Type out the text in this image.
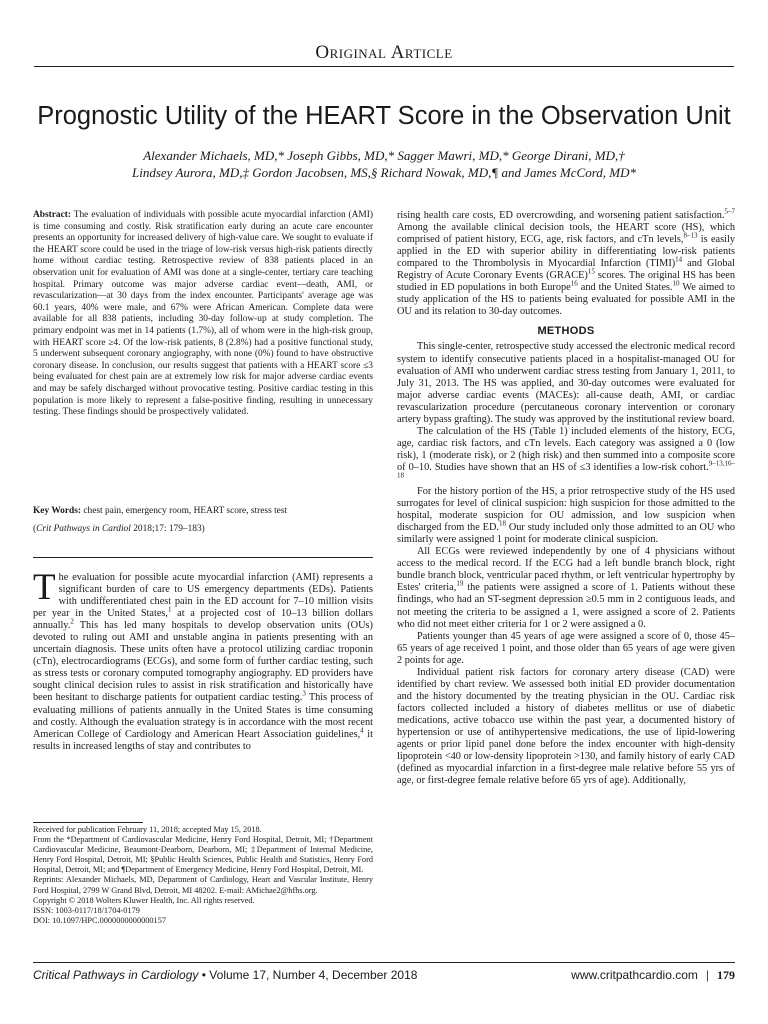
Original Article
Prognostic Utility of the HEART Score in the Observation Unit

Alexander Michaels, MD,* Joseph Gibbs, MD,* Sagger Mawri, MD,* George Dirani, MD,†

Lindsey Aurora, MD,‡ Gordon Jacobsen, MS,§ Richard Nowak, MD,¶ and James McCord, MD*

Abstract: The evaluation of individuals with possible acute myocardial infarction (AMI) is time consuming and costly. Risk stratification early during an acute care encounter presents an opportunity for increased delivery of high-value care. We sought to evaluate if the HEART score could be used in the triage of low-risk versus high-risk patients directly home without cardiac testing. Retrospective review of 838 patients placed in an observation unit for evaluation of AMI was done at a single-center, tertiary care teaching hospital. Primary outcome was major adverse cardiac event—death, AMI, or revascularization—at 30 days from the index encounter. Participants' average age was 60.1 years, 40% were male, and 67% were African American. Complete data were available for all 838 patients, including 30-day follow-up at study completion. The primary endpoint was met in 14 patients (1.7%), all of whom were in the high-risk group, with HEART score ≥4. Of the low-risk patients, 8 (2.8%) had a positive functional study, 5 underwent subsequent coronary angiography, with none (0%) found to have obstructive coronary disease. In conclusion, our results suggest that patients with a HEART score ≤3 being evaluated for chest pain are at extremely low risk for major adverse cardiac events and may be safely discharged without provocative testing. Positive cardiac testing in this population is more likely to represent a false-positive finding, resulting in unnecessary testing. These findings should be prospectively validated.

Key Words: chest pain, emergency room, HEART score, stress test

(Crit Pathways in Cardiol 2018;17: 179–183)

The evaluation for possible acute myocardial infarction (AMI) represents a significant burden of care to US emergency departments (EDs). Patients with undifferentiated chest pain in the ED account for 7–10 million visits per year in the United States,$^1$ at a projected cost of 10–13 billion dollars annually.$^2$ This has led many hospitals to develop observation units (OUs) devoted to ruling out AMI and unstable angina in patients presenting with an uncertain diagnosis. These units often have a protocol utilizing cardiac troponin (cTn), electrocardiograms (ECGs), and some form of further cardiac testing, such as stress tests or coronary computed tomography angiography. ED providers have sought clinical decision rules to assist in risk stratification and historically have been hesitant to discharge patients for outpatient cardiac testing.$^3$ This process of evaluating millions of patients annually in the United States is time consuming and costly. Although the evaluation strategy is in accordance with the most recent American College of Cardiology and American Heart Association guidelines,$^4$ it results in increased lengths of stay and contributes to

Received for publication February 11, 2018; accepted May 15, 2018.

From the *Department of Cardiovascular Medicine, Henry Ford Hospital, Detroit, MI; †Department Cardiovascular Medicine, Beaumont-Dearborn, Dearborn, MI; ‡Department of Internal Medicine, Henry Ford Hospital, Detroit, MI; §Public Health Sciences, Public Health and Statistics, Henry Ford Hospital, Detroit, MI; and ¶Department of Emergency Medicine, Henry Ford Hospital, Detroit, MI.

Reprints: Alexander Michaels, MD, Department of Cardiology, Heart and Vascular Institute, Henry Ford Hospital, 2799 W Grand Blvd, Detroit, MI 48202. E-mail: AMichae2@hfhs.org.

Copyright © 2018 Wolters Kluwer Health, Inc. All rights reserved.

ISSN: 1003-0117/18/1704-0179

DOI: 10.1097/HPC.0000000000000157

rising health care costs, ED overcrowding, and worsening patient satisfaction.$^{5-7}$ Among the available clinical decision tools, the HEART score (HS), which comprised of patient history, ECG, age, risk factors, and cTn levels,$^{8-13}$ is easily applied in the ED with superior ability in differentiating low-risk patients compared to the Thrombolysis in Myocardial Infarction (TIMI)$^{14}$ and Global Registry of Acute Coronary Events (GRACE)$^{15}$ scores. The original HS has been studied in ED populations in both Europe$^{16}$ and the United States.$^{10}$ We aimed to study application of the HS to patients being evaluated for possible AMI in the OU and its relation to 30-day outcomes.

METHODS

This single-center, retrospective study accessed the electronic medical record system to identify consecutive patients placed in a hospitalist-managed OU for evaluation of AMI who underwent cardiac stress testing from January 1, 2011, to July 31, 2013. The HS was applied, and 30-day outcomes were evaluated for major adverse cardiac events (MACEs): all-cause death, AMI, or cardiac revascularization procedure (percutaneous coronary intervention or coronary artery bypass grafting). The study was approved by the institutional review board.

The calculation of the HS (Table 1) included elements of the history, ECG, age, cardiac risk factors, and cTn levels. Each category was assigned a 0 (low risk), 1 (moderate risk), or 2 (high risk) and then summed into a composite score of 0–10. Studies have shown that an HS of ≤3 identifies a low-risk cohort.$^{9-13,16-18}$

For the history portion of the HS, a prior retrospective study of the HS used surrogates for level of clinical suspicion: high suspicion for those admitted to the hospital, moderate suspicion for OU admission, and low suspicion when discharged from the ED.$^{18}$ Our study included only those admitted to an OU who similarly were assigned 1 point for moderate clinical suspicion.

All ECGs were reviewed independently by one of 4 physicians without access to the medical record. If the ECG had a left bundle branch block, right bundle branch block, ventricular paced rhythm, or left ventricular hypertrophy by Estes' criteria,$^{19}$ the patients were assigned a score of 1. Patients without these findings, who had an ST-segment depression ≥0.5 mm in 2 contiguous leads, and not meeting the criteria to be assigned a 1, were assigned a score of 2. Patients who did not meet either criteria for 1 or 2 were assigned a 0.

Patients younger than 45 years of age were assigned a score of 0, those 45–65 years of age received 1 point, and those older than 65 years of age were given 2 points for age.

Individual patient risk factors for coronary artery disease (CAD) were identified by chart review. We assessed both initial ED provider documentation and the history documented by the treating physician in the OU. Cardiac risk factors collected included a history of diabetes mellitus or use of diabetic medications, active tobacco use within the past year, a documented history of hypertension or use of antihypertensive medications, the use of lipid-lowering agents or prior lipid panel done before the index encounter with high-density lipoprotein <40 or low-density lipoprotein >130, and family history of early CAD (defined as myocardial infarction in a first-degree male relative before 55 yrs of age, or first-degree female relative before 65 yrs of age). Additionally,

Critical Pathways in Cardiology • Volume 17, Number 4, December 2018	www.critpathcardio.com | 179
